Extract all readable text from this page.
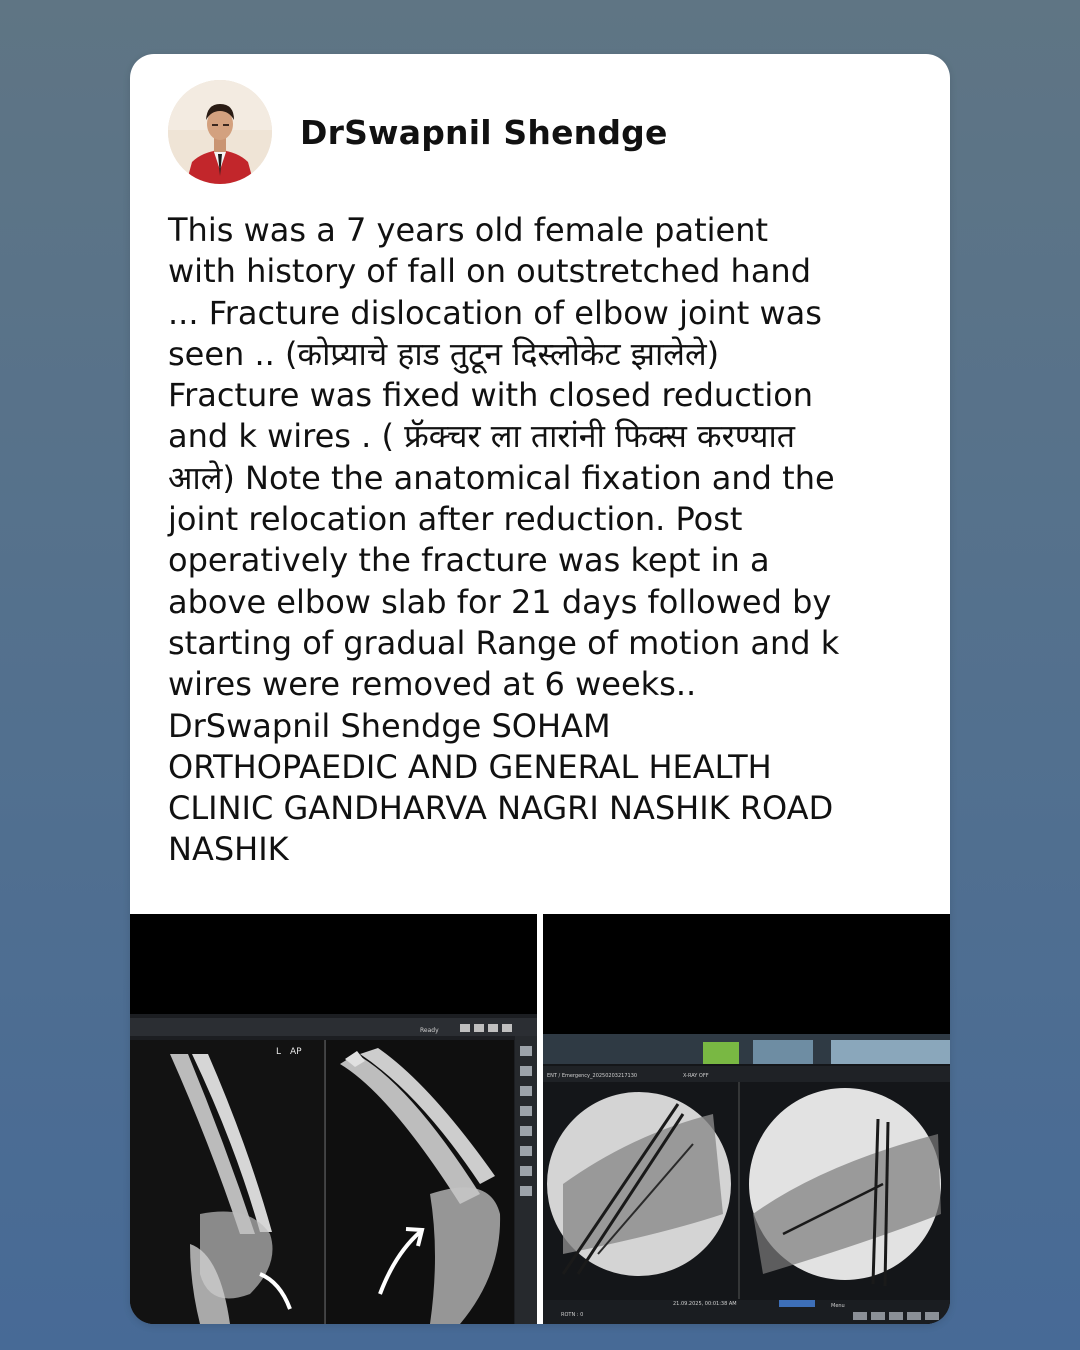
DrSwapnil Shendge
This was a 7 years old female patient
with history of fall on outstretched hand
... Fracture dislocation of elbow joint was
seen .. (कोप्र्याचे हाड तुटून दिस्लोकेट झालेले)
Fracture was fixed with closed reduction
and k wires . ( फ्रॅक्चर ला तारांनी फिक्स करण्यात
आले) Note the anatomical fixation and the
joint relocation after reduction. Post
operatively the fracture was kept in a
above elbow slab for 21 days followed by
starting of gradual Range of motion and k
wires were removed at 6 weeks..
DrSwapnil Shendge SOHAM
ORTHOPAEDIC AND GENERAL HEALTH
CLINIC GANDHARVA NAGRI NASHIK ROAD
NASHIK
Ready
L AP
ENT / Emergency_20250203217130	X-RAY OFF
ROTN : 0
21.09.2025, 00:01:38 AM	Menu
